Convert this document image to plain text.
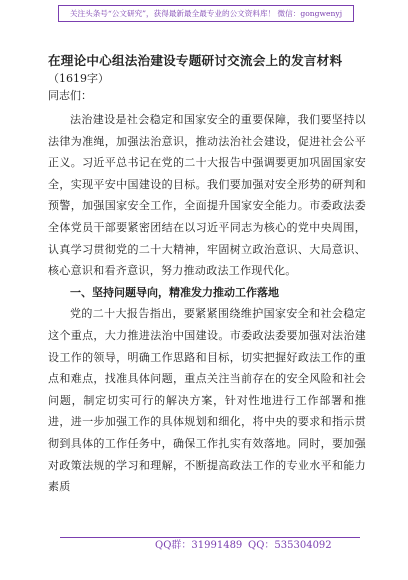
关注头条号“公文研究”，获得最新最全最专业的公文资料库！ 微信：gongwenyj

在理论中心组法治建设专题研讨交流会上的发言材料

（1619字）

同志们：

法治建设是社会稳定和国家安全的重要保障，我们要坚持以法律为准绳，加强法治意识，推动法治社会建设，促进社会公平正义。习近平总书记在党的二十大报告中强调要更加巩固国家安全，实现平安中国建设的目标。我们要加强对安全形势的研判和预警，加强国家安全工作，全面提升国家安全能力。市委政法委全体党员干部要紧密团结在以习近平同志为核心的党中央周围，认真学习贯彻党的二十大精神，牢固树立政治意识、大局意识、核心意识和看齐意识，努力推动政法工作现代化。

一、坚持问题导向，精准发力推动工作落地

党的二十大报告指出，要紧紧围绕维护国家安全和社会稳定这个重点，大力推进法治中国建设。市委政法委要加强对法治建设工作的领导，明确工作思路和目标，切实把握好政法工作的重点和难点，找准具体问题，重点关注当前存在的安全风险和社会问题，制定切实可行的解决方案，针对性地进行工作部署和推进，进一步加强工作的具体规划和细化，将中央的要求和指示贯彻到具体的工作任务中，确保工作扎实有效落地。同时，要加强对政策法规的学习和理解，不断提高政法工作的专业水平和能力素质

QQ群：31991489 QQ：535304092
